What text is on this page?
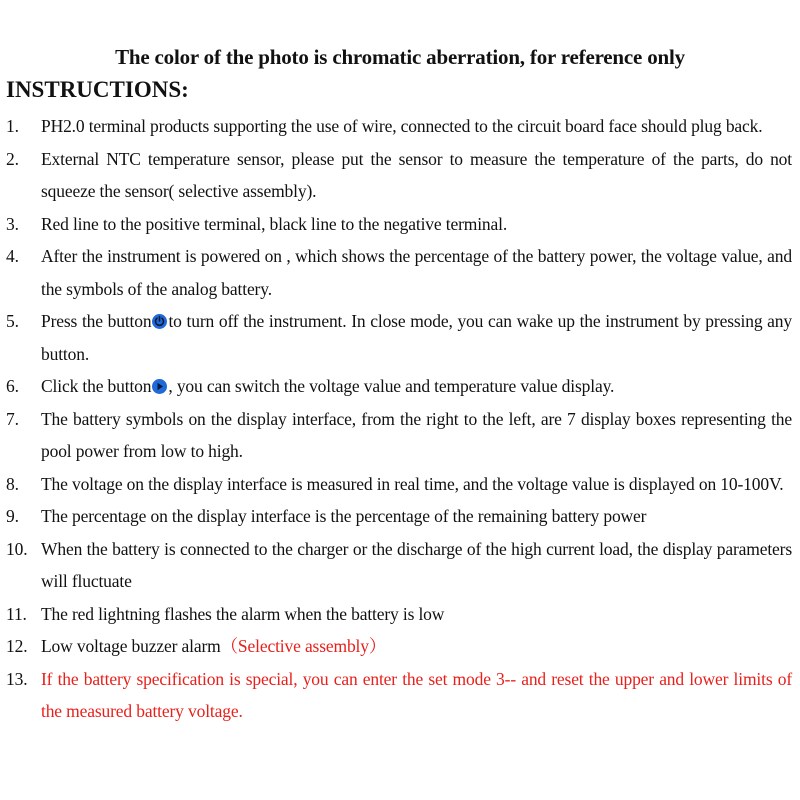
The color of the photo is chromatic aberration, for reference only
INSTRUCTIONS:
1. PH2.0 terminal products supporting the use of wire, connected to the circuit board face should plug back.
2. External NTC temperature sensor, please put the sensor to measure the temperature of the parts, do not squeeze the sensor( selective assembly).
3. Red line to the positive terminal, black line to the negative terminal.
4. After the instrument is powered on , which shows the percentage of the battery power, the voltage value, and the symbols of the analog battery.
5. Press the button to turn off the instrument. In close mode, you can wake up the instrument by pressing any button.
6. Click the button , you can switch the voltage value and temperature value display.
7. The battery symbols on the display interface, from the right to the left, are 7 display boxes representing the pool power from low to high.
8. The voltage on the display interface is measured in real time, and the voltage value is displayed on 10-100V.
9. The percentage on the display interface is the percentage of the remaining battery power
10. When the battery is connected to the charger or the discharge of the high current load, the display parameters will fluctuate
11. The red lightning flashes the alarm when the battery is low
12. Low voltage buzzer alarm（Selective assembly）
13. If the battery specification is special, you can enter the set mode 3-- and reset the upper and lower limits of the measured battery voltage.
